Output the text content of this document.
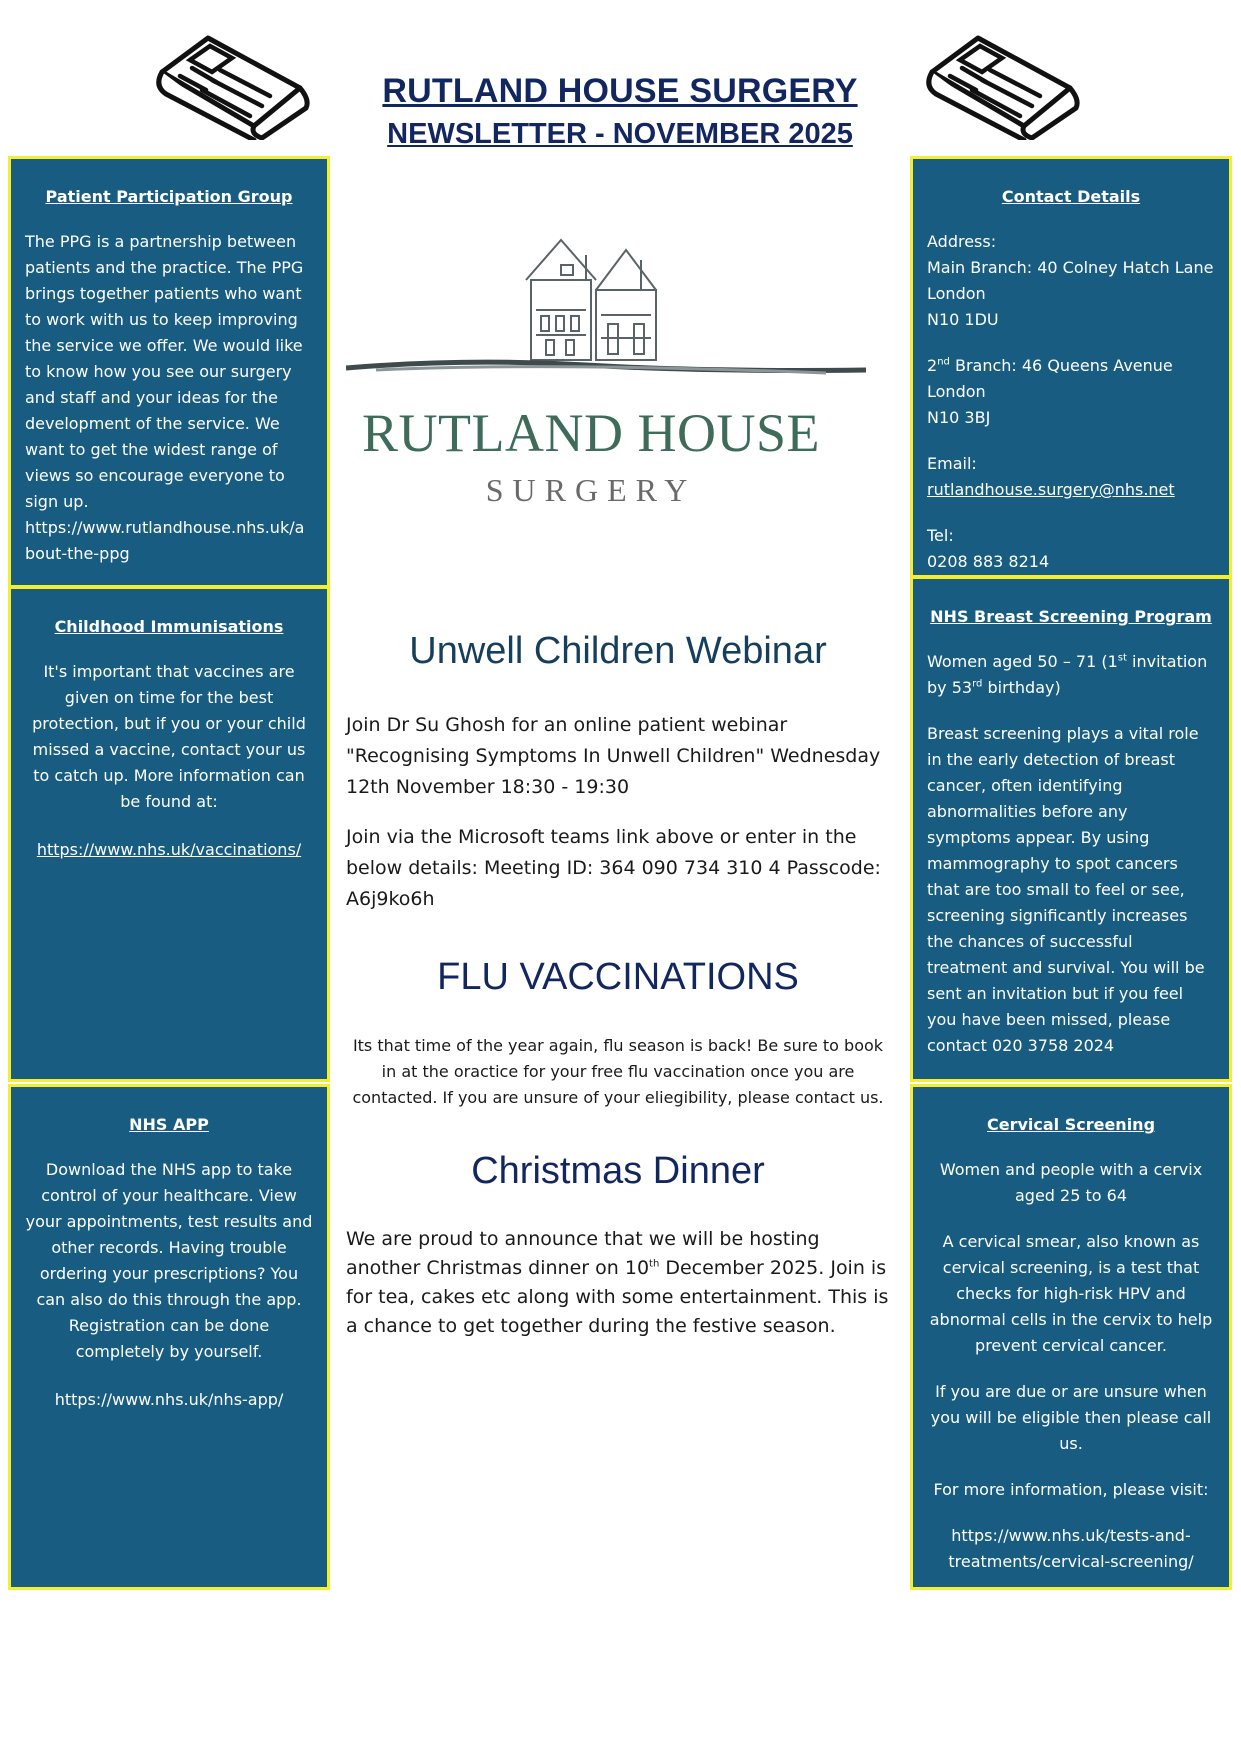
RUTLAND HOUSE SURGERY
NEWSLETTER - NOVEMBER 2025
Patient Participation Group

The PPG is a partnership between patients and the practice. The PPG brings together patients who want to work with us to keep improving the service we offer. We would like to know how you see our surgery and staff and your ideas for the development of the service. We want to get the widest range of views so encourage everyone to sign up. https://www.rutlandhouse.nhs.uk/about-the-ppg

Childhood Immunisations

It's important that vaccines are given on time for the best protection, but if you or your child missed a vaccine, contact your us to catch up. More information can be found at:

https://www.nhs.uk/vaccinations/

NHS APP

Download the NHS app to take control of your healthcare. View your appointments, test results and other records. Having trouble ordering your prescriptions? You can also do this through the app. Registration can be done completely by yourself.

https://www.nhs.uk/nhs-app/

Contact Details
Address:
Main Branch: 40 Colney Hatch Lane
London
N10 1DU
2nd Branch: 46 Queens Avenue
London
N10 3BJ
Email:
rutlandhouse.surgery@nhs.net
Tel:
0208 883 8214
NHS Breast Screening Program

Women aged 50 – 71 (1st invitation by 53rd birthday)

Breast screening plays a vital role in the early detection of breast cancer, often identifying abnormalities before any symptoms appear. By using mammography to spot cancers that are too small to feel or see, screening significantly increases the chances of successful treatment and survival. You will be sent an invitation but if you feel you have been missed, please contact 020 3758 2024

Cervical Screening

Women and people with a cervix aged 25 to 64

A cervical smear, also known as cervical screening, is a test that checks for high-risk HPV and abnormal cells in the cervix to help prevent cervical cancer.

If you are due or are unsure when you will be eligible then please call us.

For more information, please visit:

https://www.nhs.uk/tests-and-treatments/cervical-screening/

RUTLAND HOUSE
SURGERY
Unwell Children Webinar

Join Dr Su Ghosh for an online patient webinar "Recognising Symptoms In Unwell Children" Wednesday 12th November 18:30 - 19:30

Join via the Microsoft teams link above or enter in the below details: Meeting ID: 364 090 734 310 4 Passcode: A6j9ko6h

FLU VACCINATIONS
Its that time of the year again, flu season is back! Be sure to book in at the oractice for your free flu vaccination once you are contacted. If you are unsure of your eliegibility, please contact us.
Christmas Dinner
We are proud to announce that we will be hosting another Christmas dinner on 10th December 2025. Join is for tea, cakes etc along with some entertainment. This is a chance to get together during the festive season.
